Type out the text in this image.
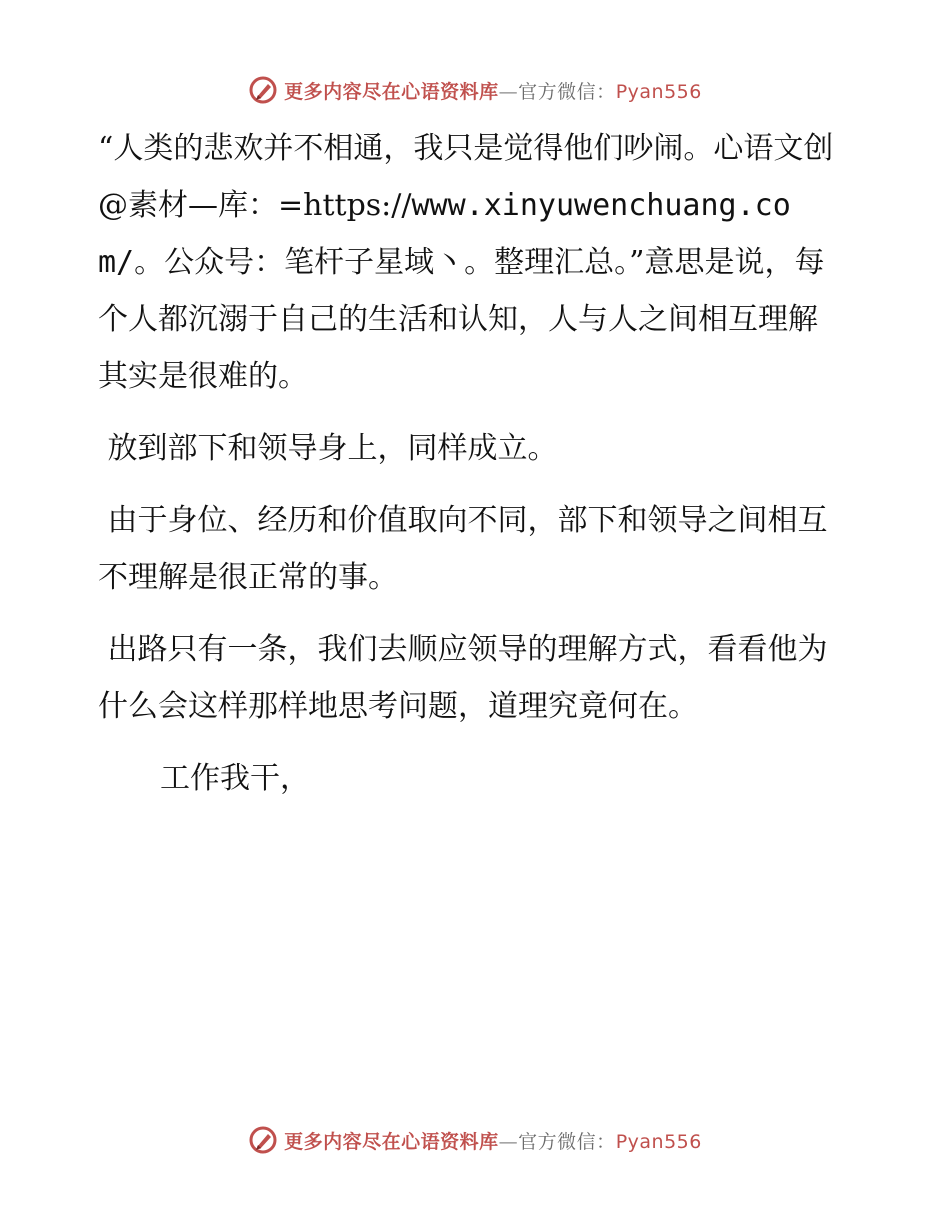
更多内容尽在心语资料库—官方微信：Pyan556

“人类的悲欢并不相通，我只是觉得他们吵闹。心语文创@素材—库：=https://www.xinyuwenchuang.com/。公众号：笔杆子星域丶。整理汇总。”意思是说，每个人都沉溺于自己的生活和认知，人与人之间相互理解其实是很难的。

放到部下和领导身上，同样成立。

由于身位、经历和价值取向不同，部下和领导之间相互不理解是很正常的事。

出路只有一条，我们去顺应领导的理解方式，看看他为什么会这样那样地思考问题，道理究竟何在。

工作我干，

更多内容尽在心语资料库—官方微信：Pyan556
